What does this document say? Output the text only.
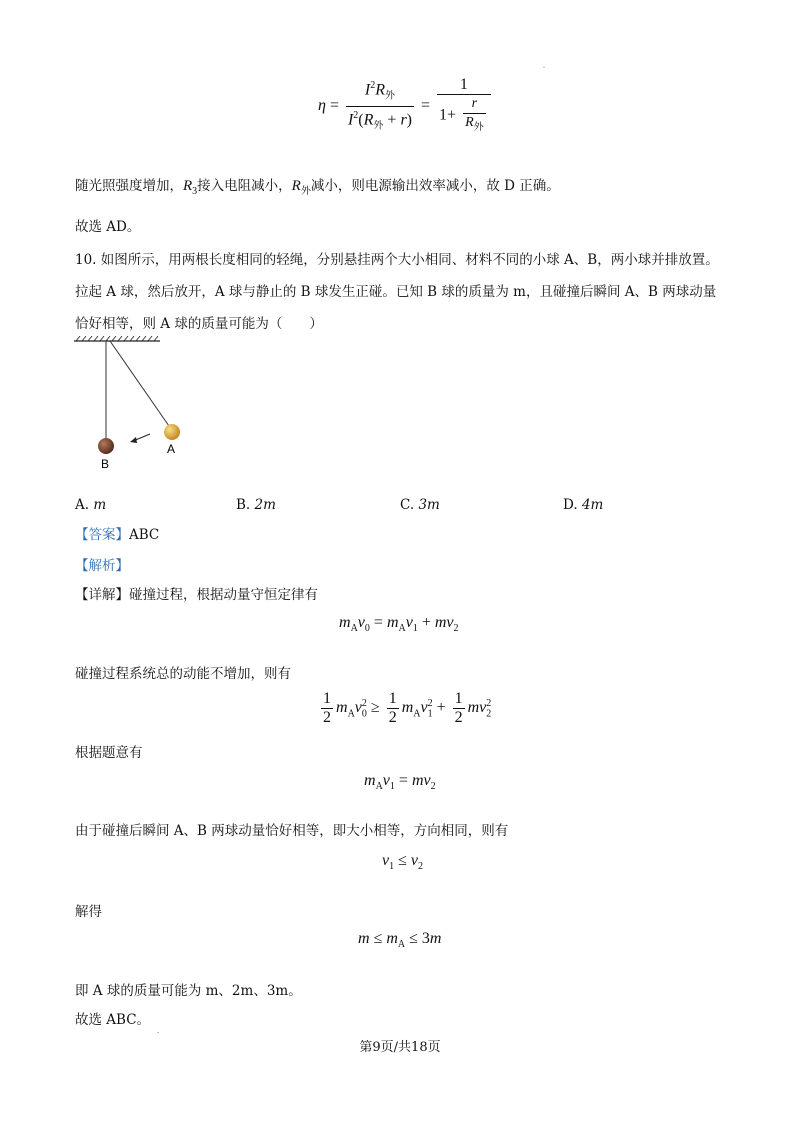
$\eta = \frac{I^2R_外}{I^2(R_外 + r)} = \frac{1}{1+ \frac{r}{R_外}}$
随光照强度增加，$R_3$接入电阻减小，$R_外$减小，则电源输出效率减小，故 D 正确。
故选 AD。
10. 如图所示，用两根长度相同的轻绳，分别悬挂两个大小相同、材料不同的小球 A、B，两小球并排放置。
拉起 A 球，然后放开，A 球与静止的 B 球发生正碰。已知 B 球的质量为 m，且碰撞后瞬间 A、B 两球动量
恰好相等，则 A 球的质量可能为（　　）
B
A
A. m	B. 2m	C. 3m	D. 4m
【答案】ABC
【解析】
【详解】碰撞过程，根据动量守恒定律有
$m_Av_0 = m_Av_1 + mv_2$
碰撞过程系统总的动能不增加，则有
$\frac{1}{2} m_Av_0^2 \ge \frac{1}{2} m_Av_1^2 + \frac{1}{2} mv_2^2$
根据题意有
$m_Av_1 = mv_2$
由于碰撞后瞬间 A、B 两球动量恰好相等，即大小相等，方向相同，则有
$v_1 \le v_2$
解得
$m \le m_A \le 3m$
即 A 球的质量可能为 m、2m、3m。
故选 ABC。
第9页/共18页
